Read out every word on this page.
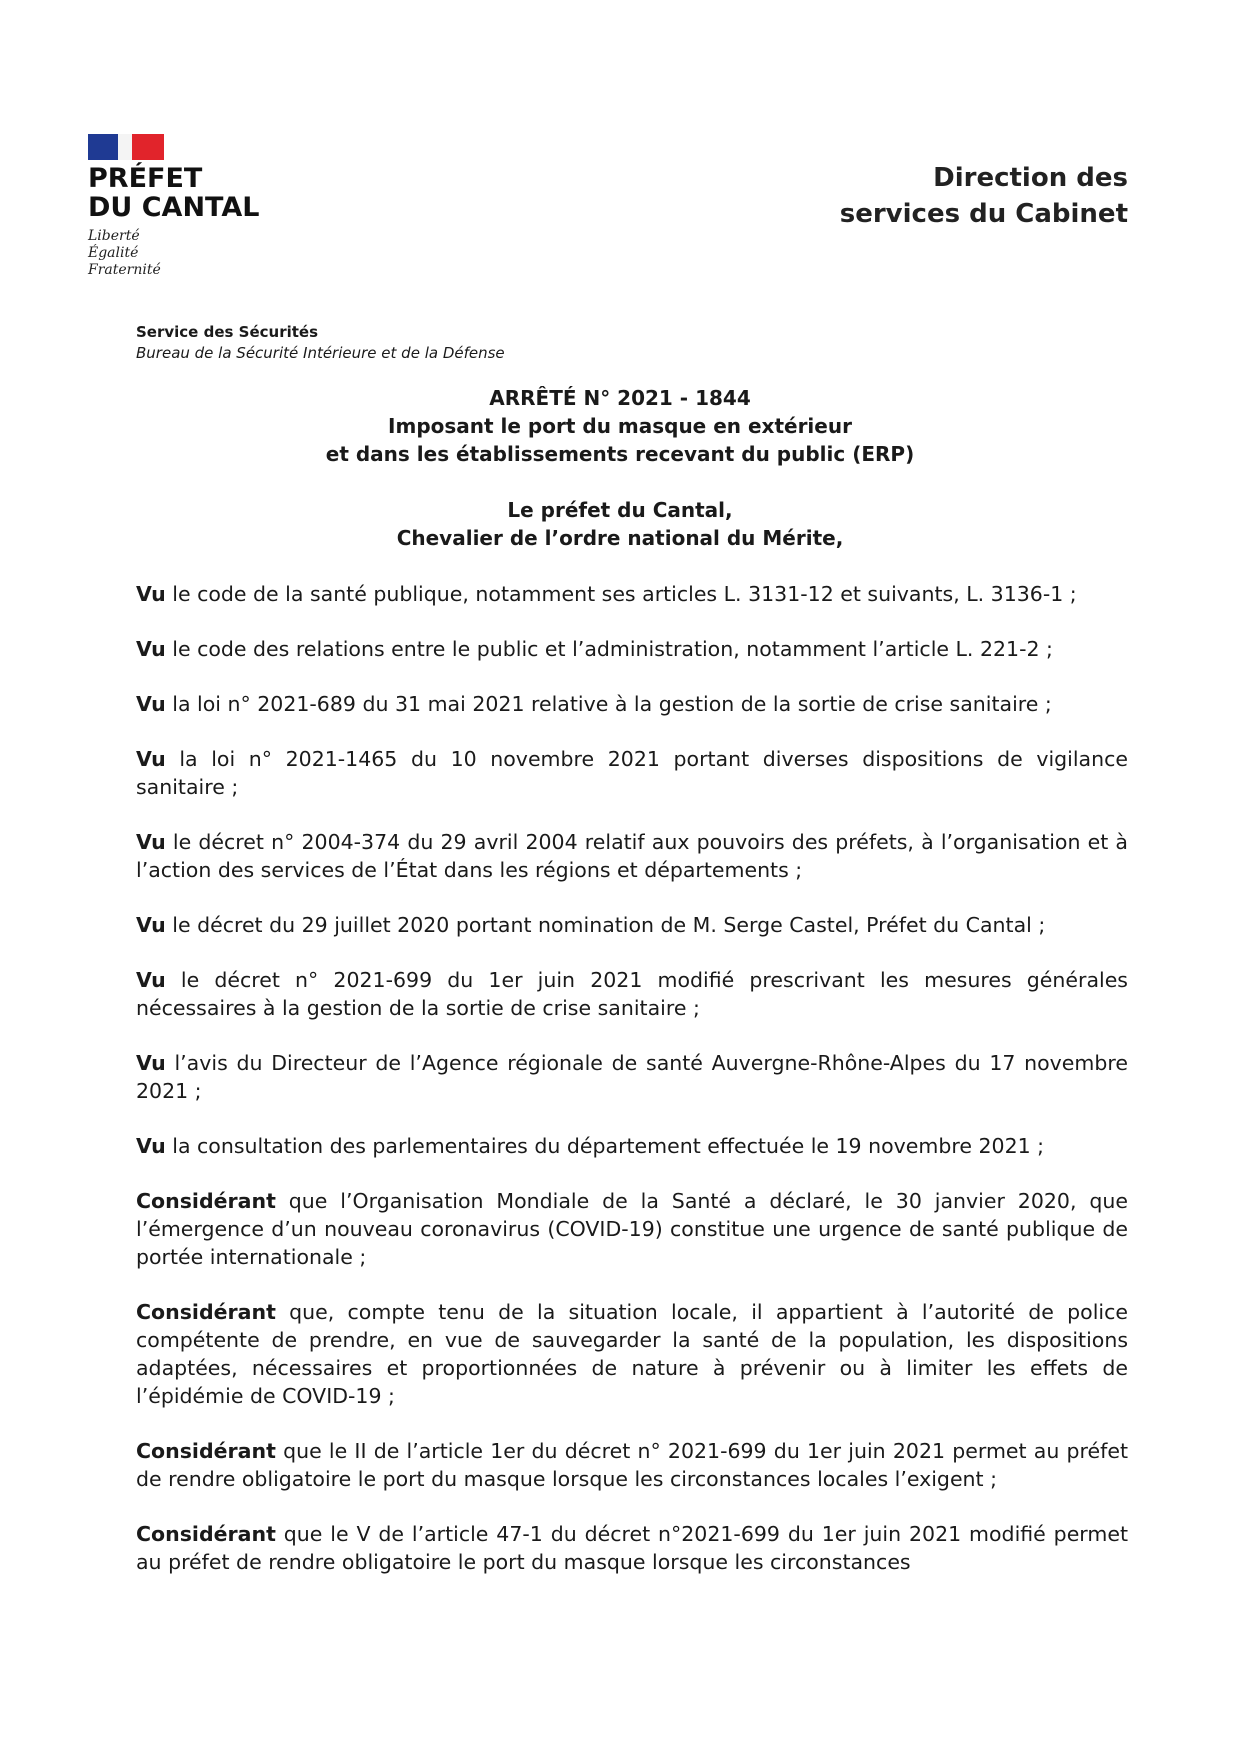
PRÉFET
DU CANTAL
Liberté
Égalité
Fraternité
Direction des
services du Cabinet
Service des Sécurités
Bureau de la Sécurité Intérieure et de la Défense
ARRÊTÉ N° 2021 - 1844
Imposant le port du masque en extérieur
et dans les établissements recevant du public (ERP)
Le préfet du Cantal,
Chevalier de l’ordre national du Mérite,

Vu le code de la santé publique, notamment ses articles L. 3131-12 et suivants, L. 3136-1 ;

Vu le code des relations entre le public et l’administration, notamment l’article L. 221-2 ;

Vu la loi n° 2021-689 du 31 mai 2021 relative à la gestion de la sortie de crise sanitaire ;

Vu la loi n° 2021-1465 du 10 novembre 2021 portant diverses dispositions de vigilance sanitaire ;

Vu le décret n° 2004-374 du 29 avril 2004 relatif aux pouvoirs des préfets, à l’organisation et à l’action des services de l’État dans les régions et départements ;

Vu le décret du 29 juillet 2020 portant nomination de M. Serge Castel, Préfet du Cantal ;

Vu le décret n° 2021-699 du 1er juin 2021 modifié prescrivant les mesures générales nécessaires à la gestion de la sortie de crise sanitaire ;

Vu l’avis du Directeur de l’Agence régionale de santé Auvergne-Rhône-Alpes du 17 novembre 2021 ;

Vu la consultation des parlementaires du département effectuée le 19 novembre 2021 ;

Considérant que l’Organisation Mondiale de la Santé a déclaré, le 30 janvier 2020, que l’émergence d’un nouveau coronavirus (COVID-19) constitue une urgence de santé publique de portée internationale ;

Considérant que, compte tenu de la situation locale, il appartient à l’autorité de police compétente de prendre, en vue de sauvegarder la santé de la population, les dispositions adaptées, nécessaires et proportionnées de nature à prévenir ou à limiter les effets de l’épidémie de COVID-19 ;

Considérant que le II de l’article 1er du décret n° 2021-699 du 1er juin 2021 permet au préfet de rendre obligatoire le port du masque lorsque les circonstances locales l’exigent ;

Considérant que le V de l’article 47-1 du décret n°2021-699 du 1er juin 2021 modifié permet au préfet de rendre obligatoire le port du masque lorsque les circonstances
